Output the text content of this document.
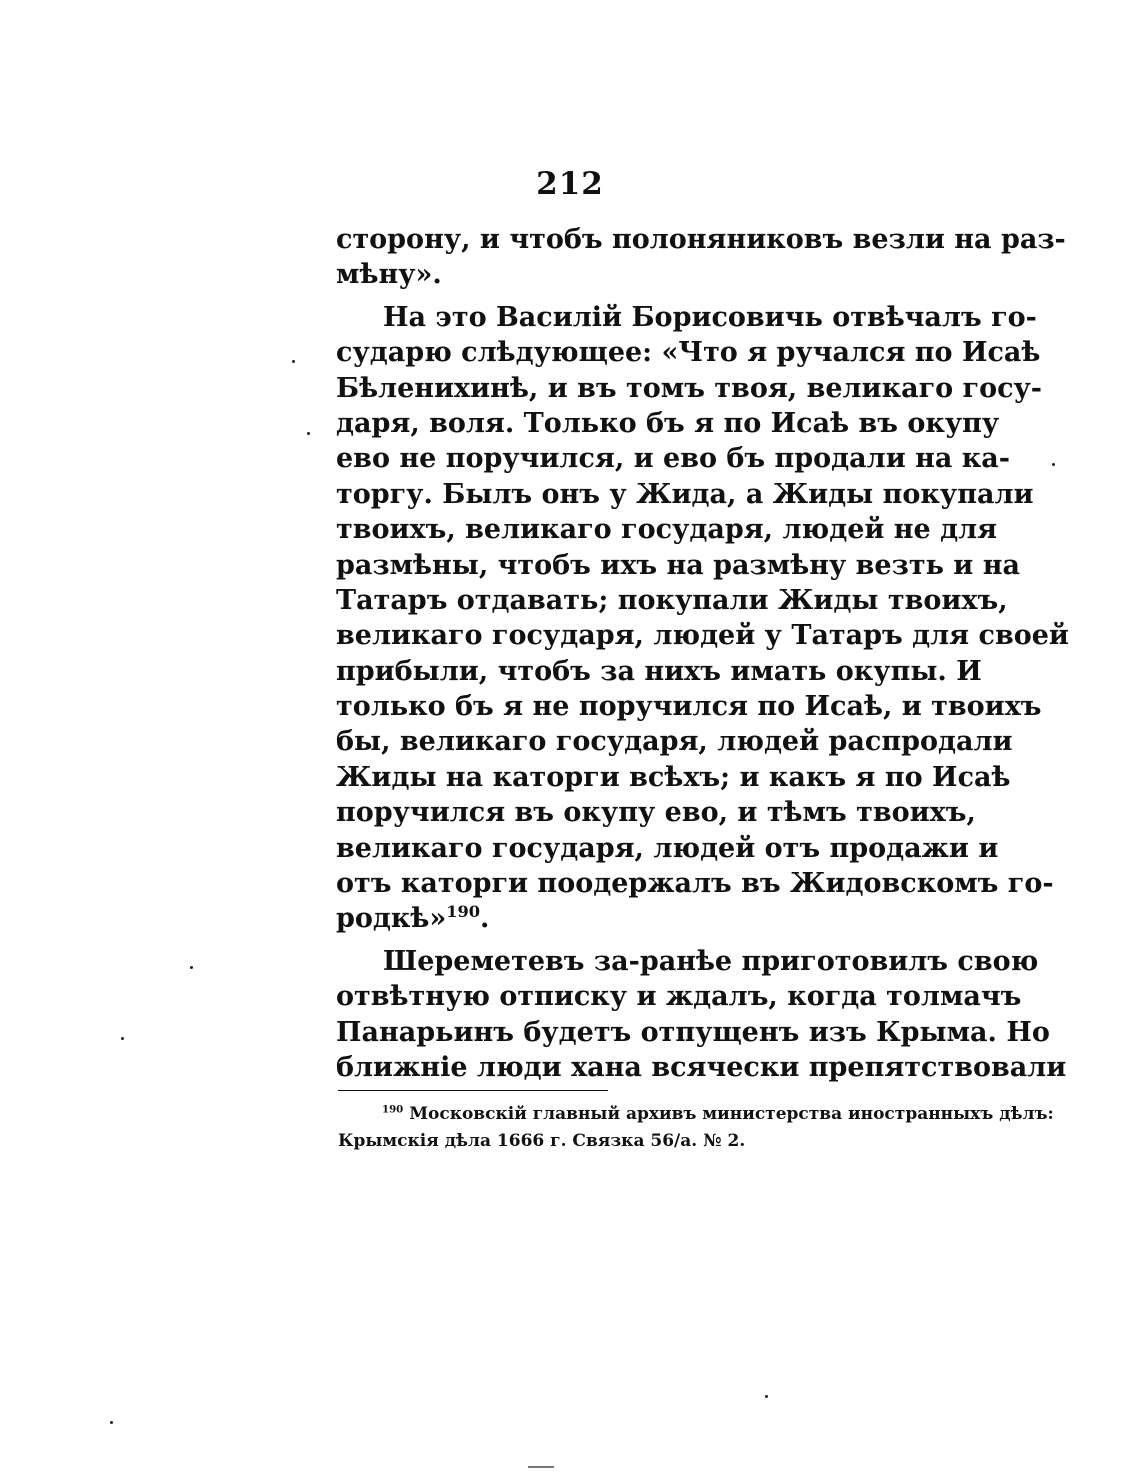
212
сторону, и чтобъ полоняниковъ везли на раз-
мѣну».
На это Василій Борисовичь отвѣчалъ го-
сударю слѣдующее: «Что я ручался по Исаѣ
Бѣленихинѣ, и въ томъ твоя, великаго госу-
даря, воля. Только бъ я по Исаѣ въ окупу
ево не поручился, и ево бъ продали на ка-
торгу. Былъ онъ у Жида, а Жиды покупали
твоихъ, великаго государя, людей не для
размѣны, чтобъ ихъ на размѣну везть и на
Татаръ отдавать; покупали Жиды твоихъ,
великаго государя, людей у Татаръ для своей
прибыли, чтобъ за нихъ имать окупы. И
только бъ я не поручился по Исаѣ, и твоихъ
бы, великаго государя, людей распродали
Жиды на каторги всѣхъ; и какъ я по Исаѣ
поручился въ окупу ево, и тѣмъ твоихъ,
великаго государя, людей отъ продажи и
отъ каторги поодержалъ въ Жидовскомъ го-
родкѣ»$^{190}$.
Шереметевъ за-ранѣе приготовилъ свою
отвѣтную отписку и ждалъ, когда толмачъ
Панарьинъ будетъ отпущенъ изъ Крыма. Но
ближніе люди хана всячески препятствовали
$^{190}$ Московскій главный архивъ министерства иностранныхъ дѣлъ:
Крымскія дѣла 1666 г. Связка 56/а. № 2.
